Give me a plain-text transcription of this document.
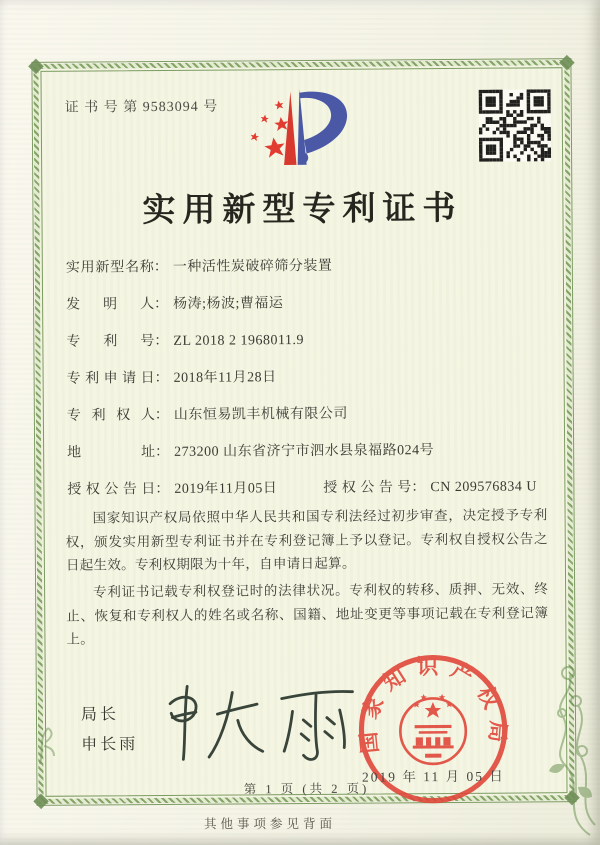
证 书 号 第 9583094 号
实用新型专利证书
实用新型名称： 一种活性炭破碎筛分装置
发明人： 杨涛;杨波;曹福运
专利号： ZL 2018 2 1968011.9
专利申请日： 2018年11月28日
专利权人： 山东恒易凯丰机械有限公司
地址： 273200 山东省济宁市泗水县泉福路024号
授权公告日： 2019年11月05日	授权公告号： CN 209576834 U

国家知识产权局依照中华人民共和国专利法经过初步审查，决定授予专利权，颁发实用新型专利证书并在专利登记簿上予以登记。专利权自授权公告之日起生效。专利权期限为十年，自申请日起算。

专利证书记载专利权登记时的法律状况。专利权的转移、质押、无效、终止、恢复和专利权人的姓名或名称、国籍、地址变更等事项记载在专利登记簿上。

局长
申长雨	国家知识产权局
2019 年 11 月 05 日
第 1 页 (共 2 页)
其他事项参见背面
